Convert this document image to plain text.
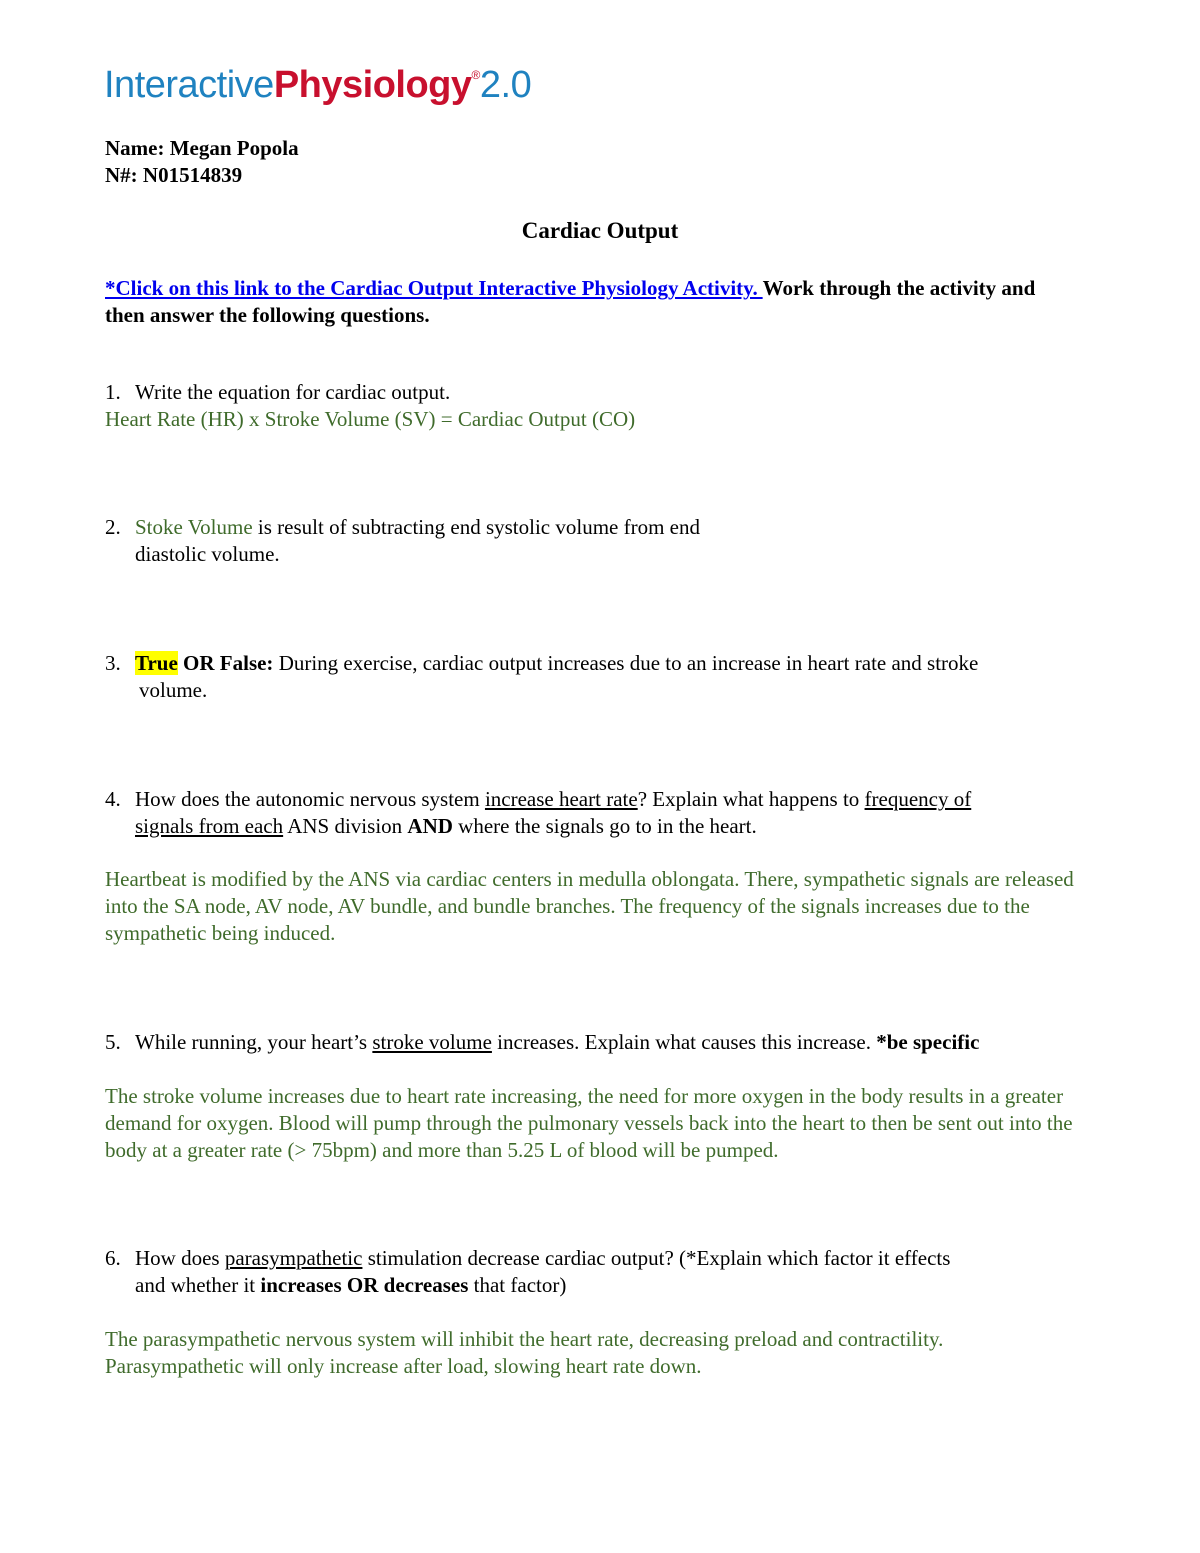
InteractivePhysiology®2.0
Name: Megan Popola
N#: N01514839
Cardiac Output
*Click on this link to the Cardiac Output Interactive Physiology Activity. Work through the activity and then answer the following questions.
1. Write the equation for cardiac output.
Heart Rate (HR) x Stroke Volume (SV) = Cardiac Output (CO)
2. Stoke Volume is result of subtracting end systolic volume from end
diastolic volume.
3. True OR False: During exercise, cardiac output increases due to an increase in heart rate and stroke
volume.
4. How does the autonomic nervous system increase heart rate? Explain what happens to frequency of
signals from each ANS division AND where the signals go to in the heart.
Heartbeat is modified by the ANS via cardiac centers in medulla oblongata. There, sympathetic signals are released into the SA node, AV node, AV bundle, and bundle branches. The frequency of the signals increases due to the sympathetic being induced.
5. While running, your heart’s stroke volume increases. Explain what causes this increase. *be specific
The stroke volume increases due to heart rate increasing, the need for more oxygen in the body results in a greater demand for oxygen. Blood will pump through the pulmonary vessels back into the heart to then be sent out into the body at a greater rate (> 75bpm) and more than 5.25 L of blood will be pumped.
6. How does parasympathetic stimulation decrease cardiac output? (*Explain which factor it effects
and whether it increases OR decreases that factor)
The parasympathetic nervous system will inhibit the heart rate, decreasing preload and contractility. Parasympathetic will only increase after load, slowing heart rate down.
